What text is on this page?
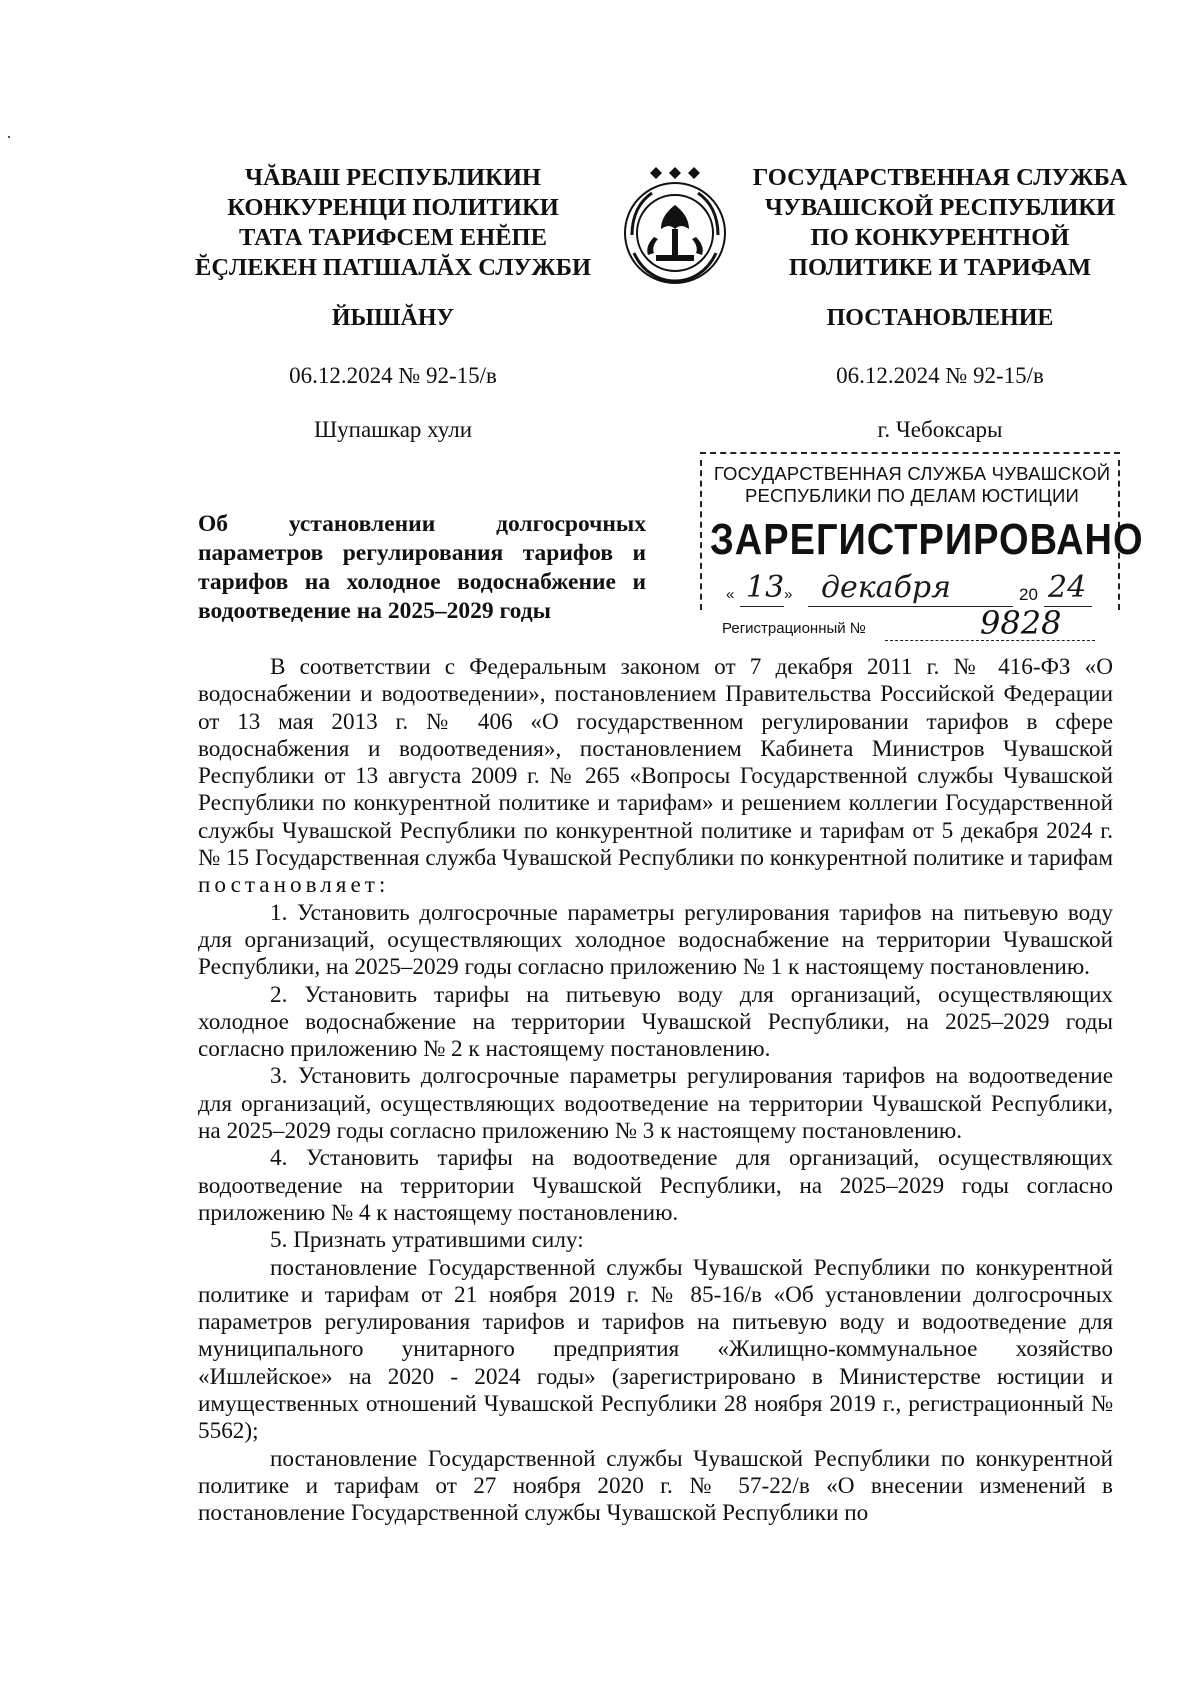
ЧĂВАШ РЕСПУБЛИКИН
КОНКУРЕНЦИ ПОЛИТИКИ
ТАТА ТАРИФСЕМ ЕНĔПЕ
ĔÇЛЕКЕН ПАТШАЛĂХ СЛУЖБИ
ГОСУДАРСТВЕННАЯ СЛУЖБА
ЧУВАШСКОЙ РЕСПУБЛИКИ
ПО КОНКУРЕНТНОЙ
ПОЛИТИКЕ И ТАРИФАМ
ЙЫШĂНУ	ПОСТАНОВЛЕНИЕ
06.12.2024 № 92-15/в	06.12.2024 № 92-15/в
Шупашкар хули	г. Чебоксары
Об установлении долгосрочных параметров регулирования тарифов и тарифов на холодное водоснабжение и водоотведение на 2025–2029 годы
ГОСУДАРСТВЕННАЯ СЛУЖБА ЧУВАШСКОЙ
РЕСПУБЛИКИ ПО ДЕЛАМ ЮСТИЦИИ
ЗАРЕГИСТРИРОВАНО
« 13 » декабря	20 24
Регистрационный №	9828

В соответствии с Федеральным законом от 7 декабря 2011 г. № 416-ФЗ «О водоснабжении и водоотведении», постановлением Правительства Российской Федерации от 13 мая 2013 г. № 406 «О государственном регулировании тарифов в сфере водоснабжения и водоотведения», постановлением Кабинета Министров Чувашской Республики от 13 августа 2009 г. № 265 «Вопросы Государственной службы Чувашской Республики по конкурентной политике и тарифам» и решением коллегии Государственной службы Чувашской Республики по конкурентной политике и тарифам от 5 декабря 2024 г. № 15 Государственная служба Чувашской Республики по конкурентной политике и тарифам постановляет:

1. Установить долгосрочные параметры регулирования тарифов на питьевую воду для организаций, осуществляющих холодное водоснабжение на территории Чувашской Республики, на 2025–2029 годы согласно приложению № 1 к настоящему постановлению.

2. Установить тарифы на питьевую воду для организаций, осуществляющих холодное водоснабжение на территории Чувашской Республики, на 2025–2029 годы согласно приложению № 2 к настоящему постановлению.

3. Установить долгосрочные параметры регулирования тарифов на водоотведение для организаций, осуществляющих водоотведение на территории Чувашской Республики, на 2025–2029 годы согласно приложению № 3 к настоящему постановлению.

4. Установить тарифы на водоотведение для организаций, осуществляющих водоотведение на территории Чувашской Республики, на 2025–2029 годы согласно приложению № 4 к настоящему постановлению.

5. Признать утратившими силу:

постановление Государственной службы Чувашской Республики по конкурентной политике и тарифам от 21 ноября 2019 г. № 85-16/в «Об установлении долгосрочных параметров регулирования тарифов и тарифов на питьевую воду и водоотведение для муниципального унитарного предприятия «Жилищно-коммунальное хозяйство «Ишлейское» на 2020 - 2024 годы» (зарегистрировано в Министерстве юстиции и имущественных отношений Чувашской Республики 28 ноября 2019 г., регистрационный № 5562);

постановление Государственной службы Чувашской Республики по конкурентной политике и тарифам от 27 ноября 2020 г. № 57-22/в «О внесении изменений в постановление Государственной службы Чувашской Республики по
